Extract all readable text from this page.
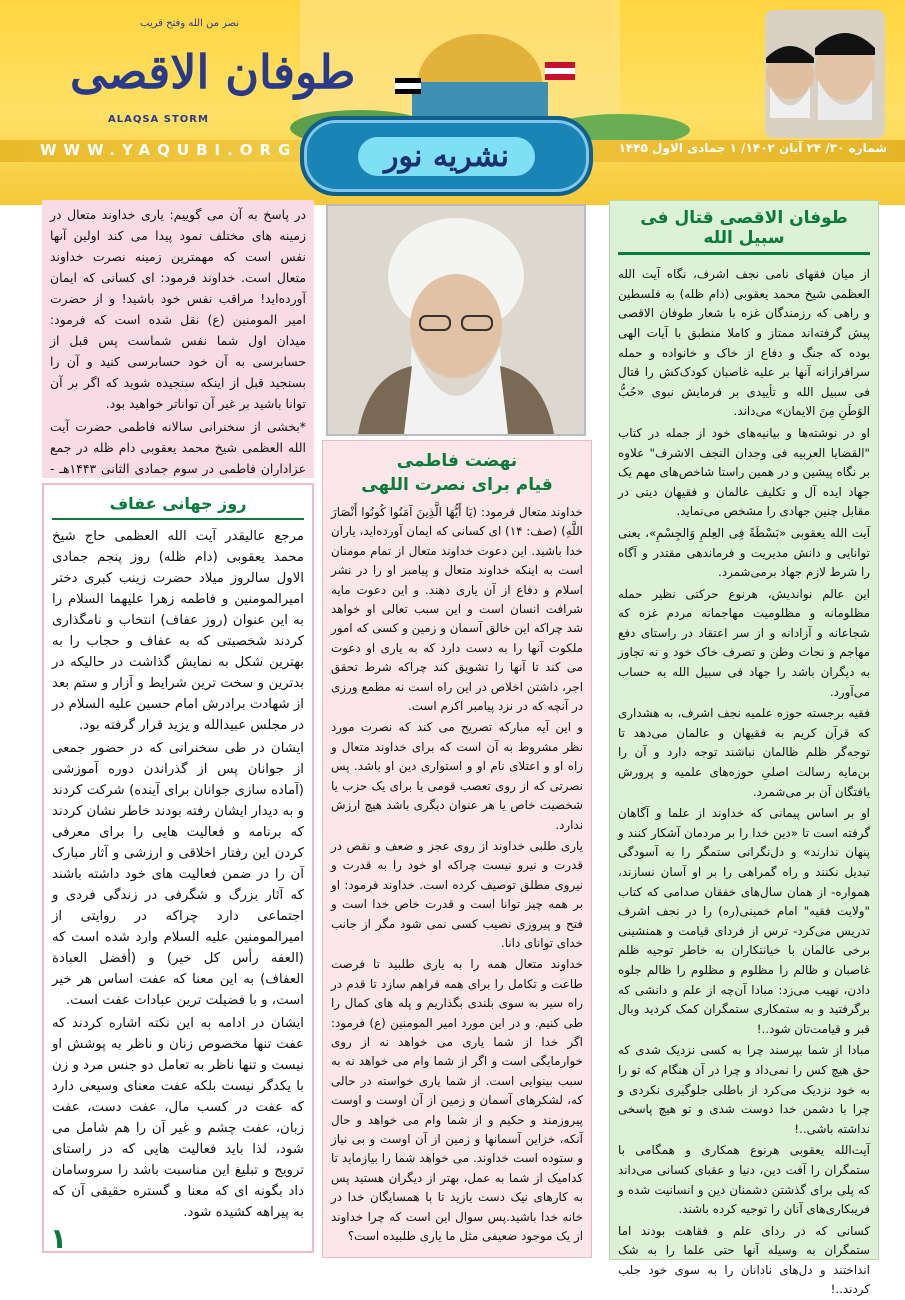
نصر من الله وفتح قريب
طوفان الاقصی
ALAQSA STORM
WWW.YAQUBI.ORG	شماره ۳۰/ ۲۴ آبان ۱۴۰۲/ ۱ جمادی الاول ۱۴۴۵
نشریه نور
طوفان الاقصی قتال فی سبیل الله

از میان فقهای نامی نجف اشرف، نگاه آیت الله العظمی شیخ محمد یعقوبی (دام ظله) به فلسطین و راهی که رزمندگان غزه با شعار طوفان الاقصی پیش گرفته‌اند ممتاز و کاملا منطبق با آیات الهی بوده که جنگ و دفاع از خاک و خانواده و حمله سرافرازانه آنها بر علیه غاصبان کودک‌کش را قتال فی سبیل الله و تأییدی بر فرمایش نبوی «حُبُّ الوَطَنِ مِنَ الایمان» می‌داند.

او در نوشته‌ها و بیانیه‌های خود از جمله در کتاب "القضایا العربیه فی وجدان النجف الاشرف" علاوه بر نگاه پیشین و در همین راستا شاخص‌های مهم یک جهاد ایده آل و تکلیف عالمان و فقیهان دینی در مقابل چنین جهادی را مشخص می‌نماید.

آیت الله یعقوبی «بَسْطَةً فِی العِلمِ وَالجِسْمِ»، یعنی توانایی و دانش مدیریت و فرماندهی مقتدر و آگاه را شرط لازم جهاد برمی‌شمرد.

این عالم نواندیش، هرنوع حرکتی نظیر حمله مظلومانه و مظلومیت مهاجمانه مردم غزه که شجاعانه و آزادانه و از سر اعتقاد در راستای دفع مهاجم و نجات وطن و تصرف خاک خود و نه تجاوز به دیگران باشد را جهاد فی سبیل الله به حساب می‌آورد.

فقیه برجسته حوزه علمیه نجف اشرف، به هشداری که قرآن کریم به فقیهان و عالمان می‌دهد تا توجه‌گر ظلم ظالمان نباشند توجه دارد و آن را بن‌مایه رسالت اصلیِ حوزه‌های علمیه و پرورش یافتگان آن بر می‌شمرد.

او بر اساس پیمانی که خداوند از علما و آگاهان گرفته است تا «دین خدا را بر مردمان آشکار کنند و پنهان ندارند» و دل‌نگرانی ستمگر را به آسودگی تبدیل نکنند و راه گمراهی را بر او آسان نسازند، همواره- از همان سال‌های خفقان صدامی که کتاب "ولایت فقیه" امام خمینی(ره) را در نجف اشرف تدریس می‌کرد- ترس از فردای قیامت و همنشینی برخی عالمان با خیانتکاران به خاطر توجیه ظلم غاصبان و ظالم را مظلوم و مظلوم را ظالم جلوه دادن، نهیب می‌زد: مبادا آن‌چه از علم و دانشی که برگرفتید و به ستمکاری ستمگران کمک کردید وبال قبر و قیامت‌تان شود..!

مبادا از شما بپرسند چرا به کسی نزدیک شدی که حق هیچ کس را نمی‌داد و چرا در آن هنگام که تو را به خود نزدیک می‌کرد از باطلی جلوگیری نکردی و چرا با دشمن خدا دوست شدی و تو هیچ پاسخی نداشته باشی..!

آیت‌الله یعقوبی هرنوع همکاری و همگامی با ستمگران را آفت دین، دنیا و عقبای کسانی می‌داند که پلی برای گذشتن دشمنان دین و انسانیت شده و فریبکاری‌های آنان را توجیه کرده باشند.

کسانی که در ردای علم و فقاهت بودند اما ستمگران به وسیله آنها حتی علما را به شک انداختند و دل‌های نادانان را به سوی خود جلب کردند..!

نهضت فاطمی
قیام برای نصرت اللهی

خداوند متعال فرمود: (یَا أَیُّهَا الَّذِینَ آمَنُوا کُونُوا أَنْصَارَ اللَّهِ) (صف: ۱۴) ای کسانی که ایمان آورده‌اید، یاران خدا باشید. این دعوت خداوند متعال از تمام مومنان است به اینکه خداوند متعال و پیامبر او را در نشر اسلام و دفاع از آن یاری دهند. و این دعوت مایه شرافت انسان است و این سبب تعالی او خواهد شد چراکه این خالق آسمان و زمین و کسی که امور ملکوت آنها را به دست دارد که به یاری او دعوت می کند تا آنها را تشویق کند چراکه شرط تحقق اجر، داشتن اخلاص در این راه است نه مطمع ورزی در آنچه که در نزد پیامبر اکرم است.

و این آیه مبارکه تصریح می کند که نصرت مورد نظر مشروط به آن است که برای خداوند متعال و راه او و اعتلای نام او و استواری دین او باشد. پس نصرتی که از روی تعصب قومی یا برای یک حزب یا شخصیت خاص یا هر عنوان دیگری باشد هیچ ارزش ندارد.

یاری طلبی خداوند از روی عجز و ضعف و نقص در قدرت و نیرو نیست چراکه او خود را به قدرت و نیروی مطلق توصیف کرده است. خداوند فرمود: او بر همه چیز توانا است و قدرت خاص خدا است و فتح و پیروزی نصیب کسی نمی شود مگر از جانب خدای توانای دانا.

خداوند متعال همه را به یاری طلبید تا فرصت طاعت و تکامل را برای همه فراهم سازد تا قدم در راه سیر به سوی بلندی بگذاریم و پله های کمال را طی کنیم. و در این مورد امیر المومنین (ع) فرمود: اگر خدا از شما یاری می خواهد نه از روی خوارمایگی است و اگر از شما وام می خواهد نه به سبب بینوایی است. از شما یاری خواسته در حالی که، لشکرهای آسمان و زمین از آن اوست و اوست پیروزمند و حکیم و از شما وام می خواهد و حال آنکه، خزاین آسمانها و زمین از آن اوست و بی نیاز و ستوده است خداوند. می خواهد شما را بیازماید تا کدامیک از شما به عمل، بهتر از دیگران هستید پس به کارهای نیک دست یازید تا با همسایگان خدا در خانه خدا باشید.پس سوال این است که چرا خداوند از یک موجود ضعیفی مثل ما یاری طلبیده است؟

در پاسخ به آن می گوییم: یاری خداوند متعال در زمینه های مختلف نمود پیدا می کند اولین آنها نفس است که مهمترین زمینه نصرت خداوند متعال است. خداوند فرمود: ای کسانی که ایمان آورده‌اید! مراقب نفس خود باشید! و از حضرت امیر المومنین (ع) نقل شده است که فرمود: میدان اول شما نفس شماست پس قبل از حسابرسی به آن خود حسابرسی کنید و آن را بسنجید قبل از اینکه سنجیده شوید که اگر بر آن توانا باشید بر غیر آن تواناتر خواهید بود.

*بخشی از سخنرانی سالانه فاطمی حضرت آیت الله العظمی شیخ محمد یعقوبی دام ظله در جمع عزاداران فاطمی در سوم جمادی الثانی ۱۴۴۳هـ -

روز جهانی عفاف

مرجع عالیقدر آیت الله العظمی حاج شیخ محمد یعقوبی (دام ظله) روز پنجم جمادی الاول سالروز میلاد حضرت زینب کبری دختر امیرالمومنین و فاطمه زهرا علیهما السلام را به این عنوان (روز عفاف) انتخاب و نامگذاری کردند شخصیتی که به عفاف و حجاب را به بهترین شکل به نمایش گذاشت در حالیکه در بدترین و سخت ترین شرایط و آزار و ستم بعد از شهادت برادرش امام حسین علیه السلام در در مجلس عبیدالله و یزید قرار گرفته بود.

ایشان در طی سخنرانی که در حضور جمعی از جوانان پس از گذراندن دوره آموزشی (آماده سازی جوانان برای آینده) شرکت کردند و به دیدار ایشان رفته بودند خاطر نشان کردند که برنامه و فعالیت هایی را برای معرفی کردن این رفتار اخلاقی و ارزشی و آثار مبارک آن را در ضمن فعالیت های خود داشته باشند که آثار بزرگ و شگرفی در زندگی فردی و اجتماعی دارد چراکه در روایتی از امیرالمومنین علیه السلام وارد شده است که (العفه رأس کل خیر) و (أفضل العبادة العفاف) به این معنا که عفت اساس هر خیر است، و با فضیلت ترین عبادات عفت است.

ایشان در ادامه به این نکته اشاره کردند که عفت تنها مخصوص زنان و ناظر به پوشش او نیست و تنها ناظر به تعامل دو جنس مرد و زن با یکدگر نیست بلکه عفت معنای وسیعی دارد که عفت در کسب مال، عفت دست، عفت زبان، عفت چشم و غیر آن را هم شامل می شود، لذا باید فعالیت هایی که در راستای ترویج و تبلیغ این مناسبت باشد را سروسامان داد بگونه ای که معنا و گستره حقیقی آن که به پیراهه کشیده شود.

۱
